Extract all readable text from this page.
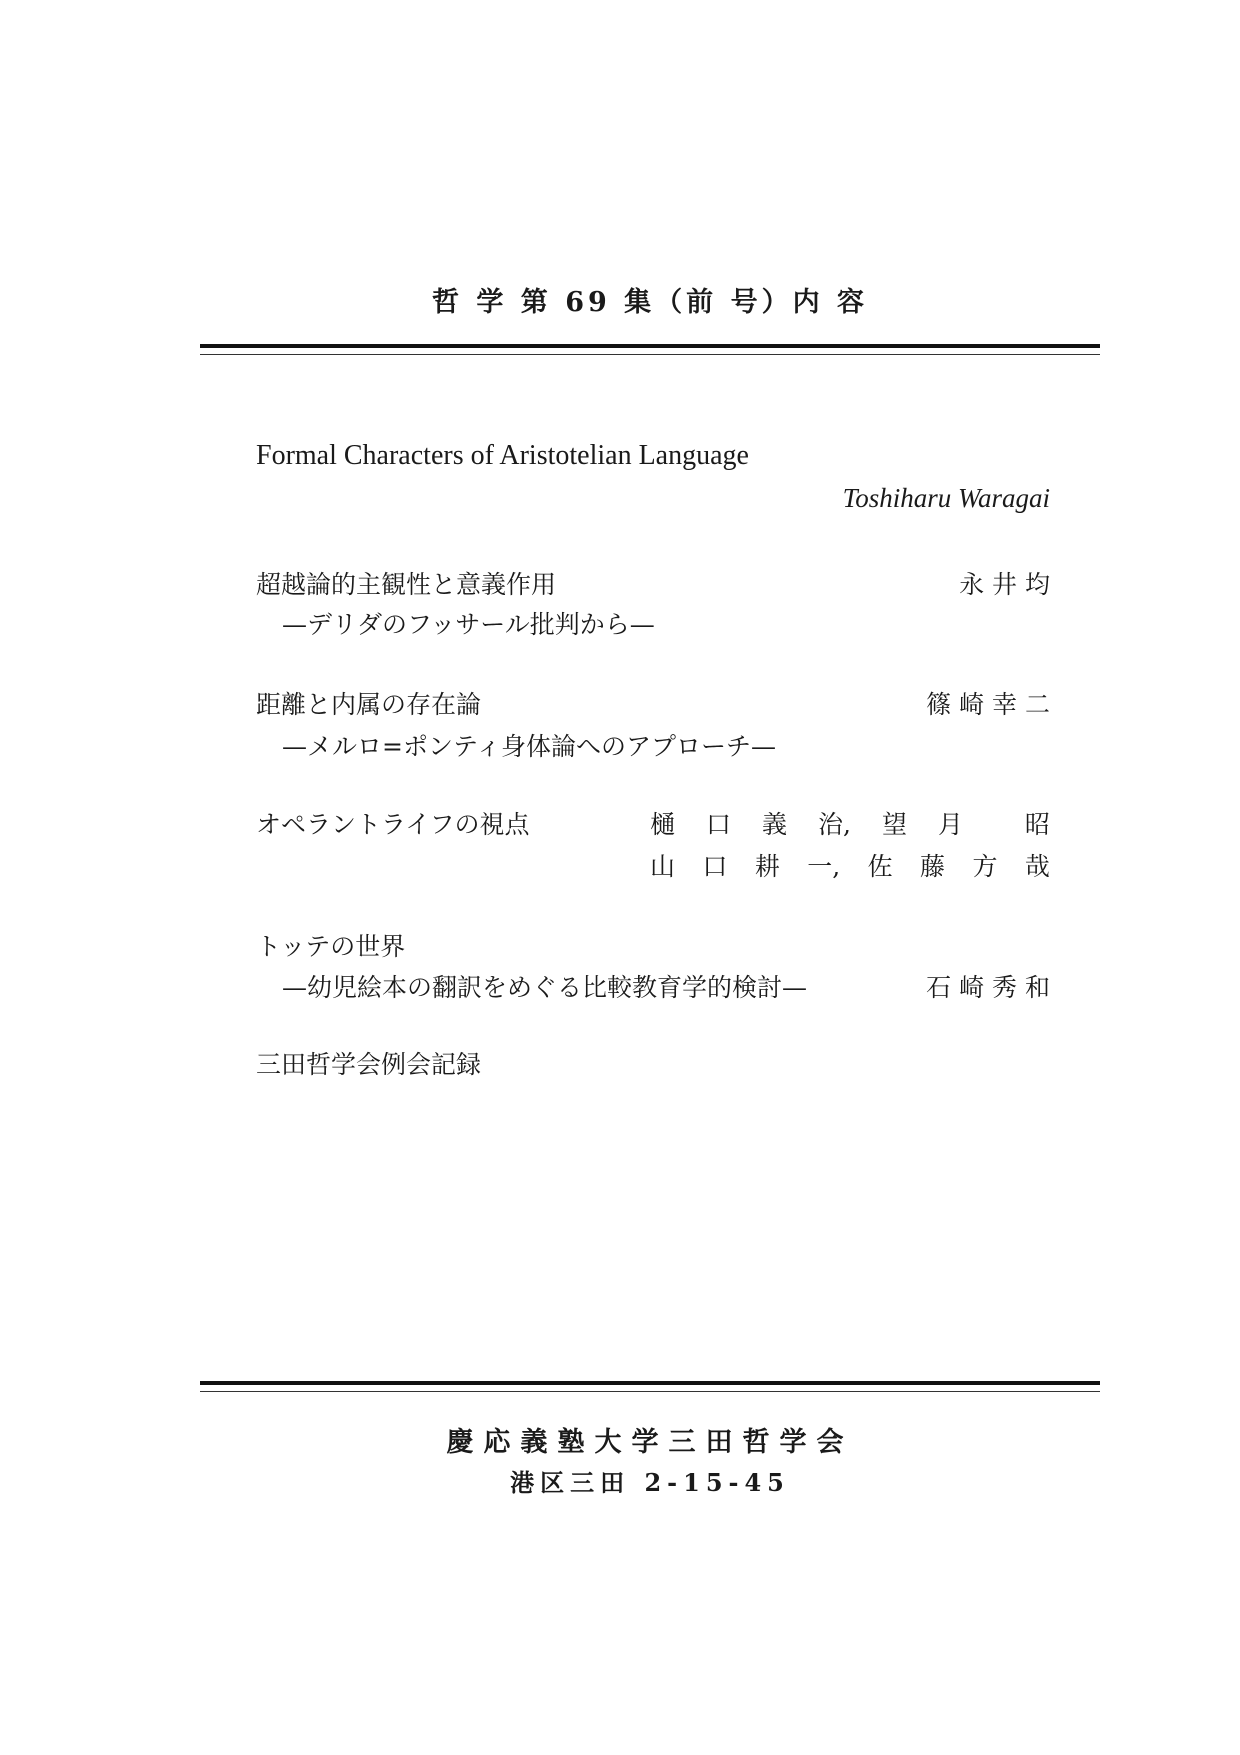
哲 学 第 69 集（前 号）内 容
Formal Characters of Aristotelian Language
Toshiharu Waragai
超越論的主観性と意義作用	永 井 均
—デリダのフッサール批判から—
距離と内属の存在論	篠 崎 幸 二
—メルロ=ポンティ身体論へのアプローチ—
オペラントライフの視点	樋 口 義 治, 望 月 昭
山 口 耕 一, 佐 藤 方 哉
トッテの世界
—幼児絵本の翻訳をめぐる比較教育学的検討—	石 崎 秀 和
三田哲学会例会記録
慶応義塾大学三田哲学会
港区三田 2-15-45
